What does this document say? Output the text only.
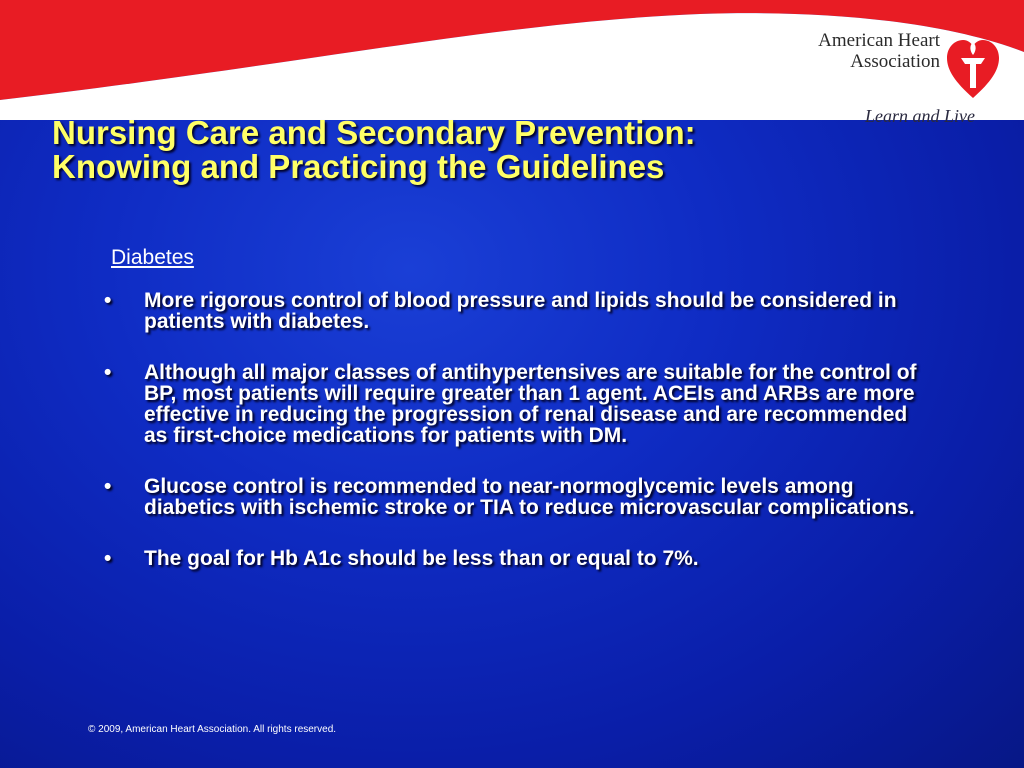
American Heart
Association
Learn and Live
Nursing Care and Secondary Prevention:
Knowing and Practicing the Guidelines
Diabetes
• More rigorous control of blood pressure and lipids should be considered in patients with diabetes.
• Although all major classes of antihypertensives are suitable for the control of BP, most patients will require greater than 1 agent. ACEIs and ARBs are more effective in reducing the progression of renal disease and are recommended as first-choice medications for patients with DM.
• Glucose control is recommended to near-normoglycemic levels among diabetics with ischemic stroke or TIA to reduce microvascular complications.
• The goal for Hb A1c should be less than or equal to 7%.
© 2009, American Heart Association. All rights reserved.
